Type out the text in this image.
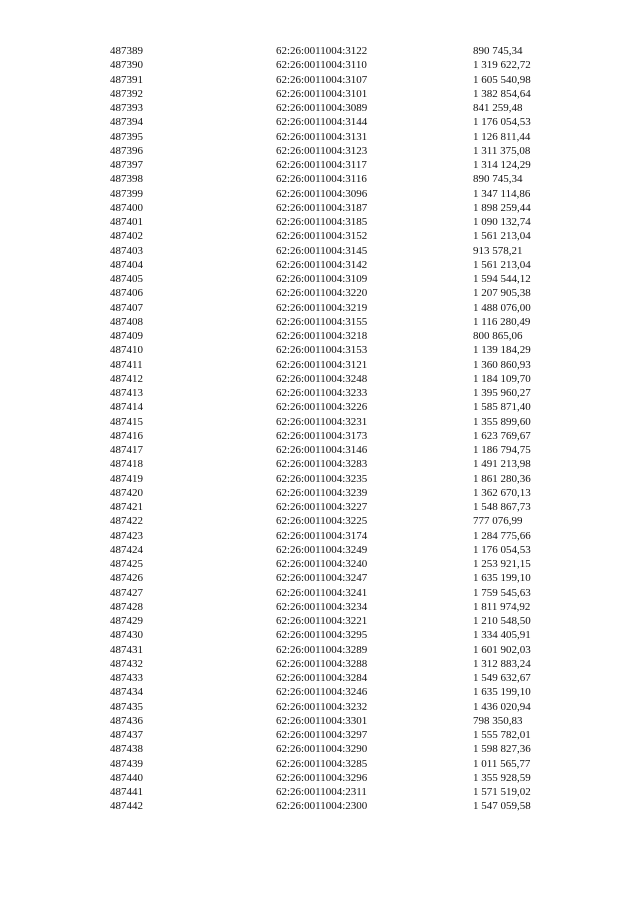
487389	62:26:0011004:3122	890 745,34
487390	62:26:0011004:3110	1 319 622,72
487391	62:26:0011004:3107	1 605 540,98
487392	62:26:0011004:3101	1 382 854,64
487393	62:26:0011004:3089	841 259,48
487394	62:26:0011004:3144	1 176 054,53
487395	62:26:0011004:3131	1 126 811,44
487396	62:26:0011004:3123	1 311 375,08
487397	62:26:0011004:3117	1 314 124,29
487398	62:26:0011004:3116	890 745,34
487399	62:26:0011004:3096	1 347 114,86
487400	62:26:0011004:3187	1 898 259,44
487401	62:26:0011004:3185	1 090 132,74
487402	62:26:0011004:3152	1 561 213,04
487403	62:26:0011004:3145	913 578,21
487404	62:26:0011004:3142	1 561 213,04
487405	62:26:0011004:3109	1 594 544,12
487406	62:26:0011004:3220	1 207 905,38
487407	62:26:0011004:3219	1 488 076,00
487408	62:26:0011004:3155	1 116 280,49
487409	62:26:0011004:3218	800 865,06
487410	62:26:0011004:3153	1 139 184,29
487411	62:26:0011004:3121	1 360 860,93
487412	62:26:0011004:3248	1 184 109,70
487413	62:26:0011004:3233	1 395 960,27
487414	62:26:0011004:3226	1 585 871,40
487415	62:26:0011004:3231	1 355 899,60
487416	62:26:0011004:3173	1 623 769,67
487417	62:26:0011004:3146	1 186 794,75
487418	62:26:0011004:3283	1 491 213,98
487419	62:26:0011004:3235	1 861 280,36
487420	62:26:0011004:3239	1 362 670,13
487421	62:26:0011004:3227	1 548 867,73
487422	62:26:0011004:3225	777 076,99
487423	62:26:0011004:3174	1 284 775,66
487424	62:26:0011004:3249	1 176 054,53
487425	62:26:0011004:3240	1 253 921,15
487426	62:26:0011004:3247	1 635 199,10
487427	62:26:0011004:3241	1 759 545,63
487428	62:26:0011004:3234	1 811 974,92
487429	62:26:0011004:3221	1 210 548,50
487430	62:26:0011004:3295	1 334 405,91
487431	62:26:0011004:3289	1 601 902,03
487432	62:26:0011004:3288	1 312 883,24
487433	62:26:0011004:3284	1 549 632,67
487434	62:26:0011004:3246	1 635 199,10
487435	62:26:0011004:3232	1 436 020,94
487436	62:26:0011004:3301	798 350,83
487437	62:26:0011004:3297	1 555 782,01
487438	62:26:0011004:3290	1 598 827,36
487439	62:26:0011004:3285	1 011 565,77
487440	62:26:0011004:3296	1 355 928,59
487441	62:26:0011004:2311	1 571 519,02
487442	62:26:0011004:2300	1 547 059,58
